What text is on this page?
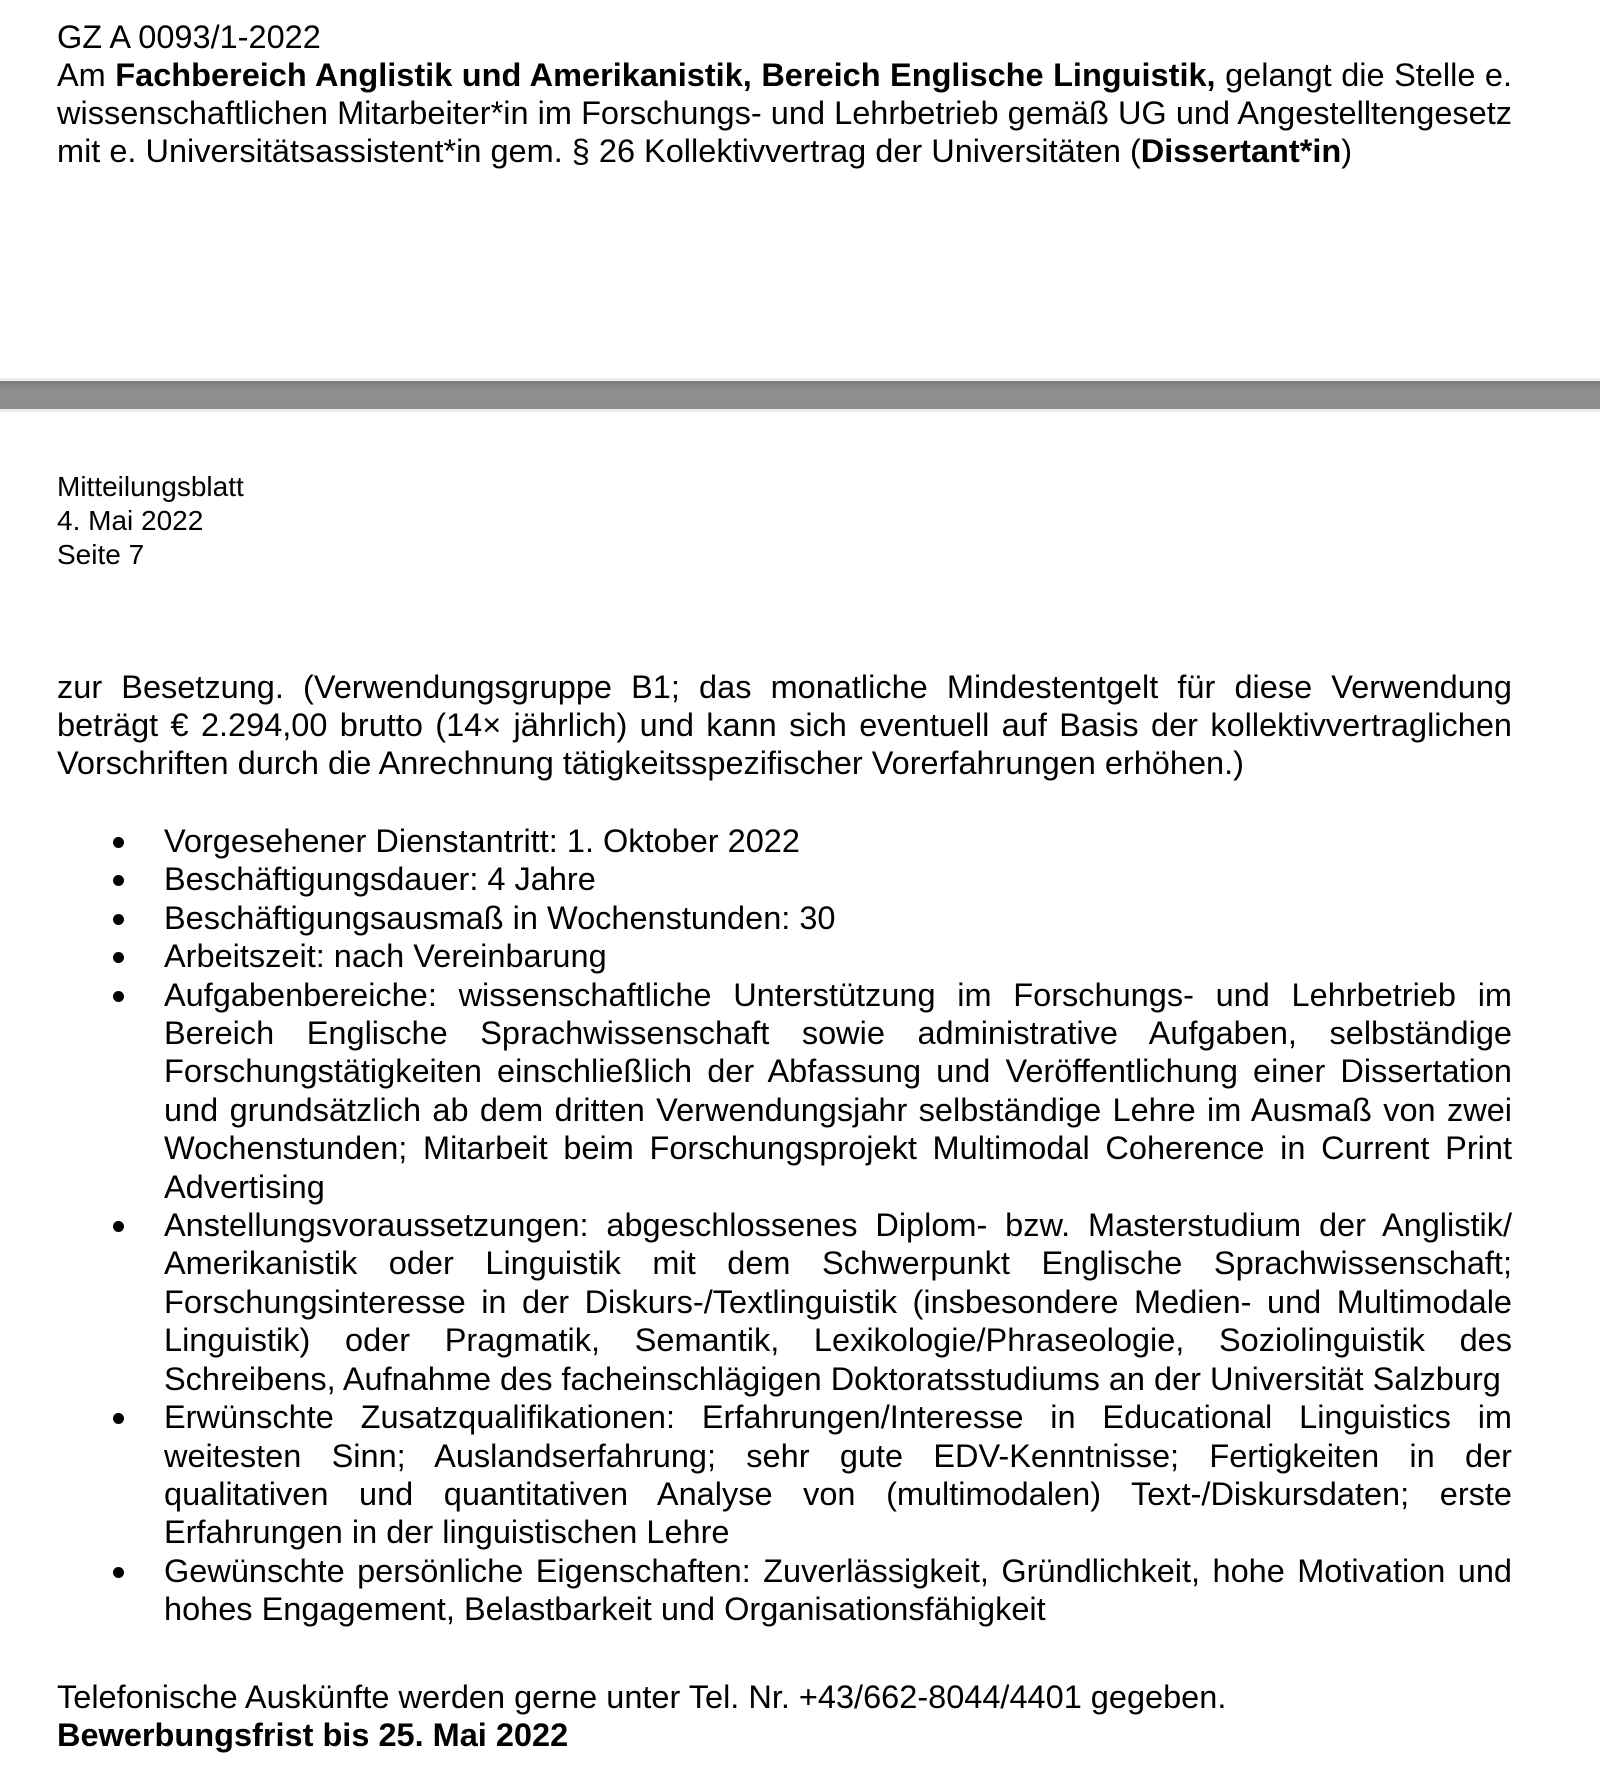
GZ A 0093/1-2022
Am Fachbereich Anglistik und Amerikanistik, Bereich Englische Linguistik, gelangt die Stelle e. wissenschaftlichen Mitarbeiter*in im Forschungs- und Lehrbetrieb gemäß UG und Angestelltengesetz mit e. Universitätsassistent*in gem. § 26 Kollektivvertrag der Universitäten (Dissertant*in)
Mitteilungsblatt
4. Mai 2022
Seite 7
zur Besetzung. (Verwendungsgruppe B1; das monatliche Mindestentgelt für diese Verwendung beträgt € 2.294,00 brutto (14× jährlich) und kann sich eventuell auf Basis der kollektivvertraglichen Vorschriften durch die Anrechnung tätigkeitsspezifischer Vorerfahrungen erhöhen.)
Vorgesehener Dienstantritt: 1. Oktober 2022
Beschäftigungsdauer: 4 Jahre
Beschäftigungsausmaß in Wochenstunden: 30
Arbeitszeit: nach Vereinbarung
Aufgabenbereiche: wissenschaftliche Unterstützung im Forschungs- und Lehrbetrieb im Bereich Englische Sprachwissenschaft sowie administrative Aufgaben, selbständige Forschungstätigkeiten einschließlich der Abfassung und Veröffentlichung einer Dissertation und grundsätzlich ab dem dritten Verwendungsjahr selbständige Lehre im Ausmaß von zwei Wochenstunden; Mitarbeit beim Forschungsprojekt Multimodal Coherence in Current Print Advertising
Anstellungsvoraussetzungen: abgeschlossenes Diplom- bzw. Masterstudium der Anglistik/ Amerikanistik oder Linguistik mit dem Schwerpunkt Englische Sprachwissenschaft; Forschungsinteresse in der Diskurs-/Textlinguistik (insbesondere Medien- und Multimodale Linguistik) oder Pragmatik, Semantik, Lexikologie/Phraseologie, Soziolinguistik des Schreibens, Aufnahme des facheinschlägigen Doktoratsstudiums an der Universität Salzburg
Erwünschte Zusatzqualifikationen: Erfahrungen/Interesse in Educational Linguistics im weitesten Sinn; Auslandserfahrung; sehr gute EDV-Kenntnisse; Fertigkeiten in der qualitativen und quantitativen Analyse von (multimodalen) Text-/Diskursdaten; erste Erfahrungen in der linguistischen Lehre
Gewünschte persönliche Eigenschaften: Zuverlässigkeit, Gründlichkeit, hohe Motivation und hohes Engagement, Belastbarkeit und Organisationsfähigkeit
Telefonische Auskünfte werden gerne unter Tel. Nr. +43/662-8044/4401 gegeben.
Bewerbungsfrist bis 25. Mai 2022
